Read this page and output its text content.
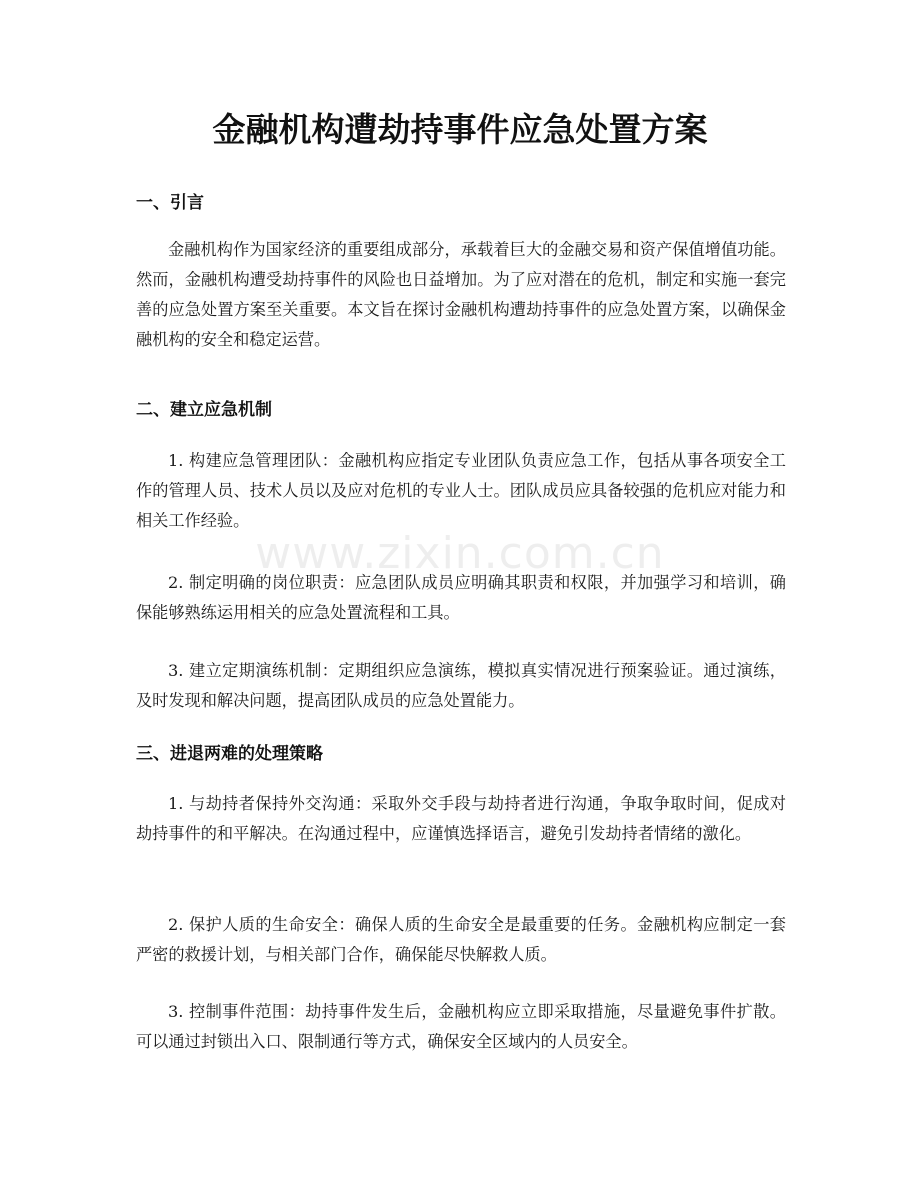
金融机构遭劫持事件应急处置方案
一、引言

金融机构作为国家经济的重要组成部分，承载着巨大的金融交易和资产保值增值功能。然而，金融机构遭受劫持事件的风险也日益增加。为了应对潜在的危机，制定和实施一套完善的应急处置方案至关重要。本文旨在探讨金融机构遭劫持事件的应急处置方案，以确保金融机构的安全和稳定运营。

二、建立应急机制

1. 构建应急管理团队：金融机构应指定专业团队负责应急工作，包括从事各项安全工作的管理人员、技术人员以及应对危机的专业人士。团队成员应具备较强的危机应对能力和相关工作经验。

2. 制定明确的岗位职责：应急团队成员应明确其职责和权限，并加强学习和培训，确保能够熟练运用相关的应急处置流程和工具。

3. 建立定期演练机制：定期组织应急演练，模拟真实情况进行预案验证。通过演练，及时发现和解决问题，提高团队成员的应急处置能力。

三、进退两难的处理策略

1. 与劫持者保持外交沟通：采取外交手段与劫持者进行沟通，争取争取时间，促成对劫持事件的和平解决。在沟通过程中，应谨慎选择语言，避免引发劫持者情绪的激化。

2. 保护人质的生命安全：确保人质的生命安全是最重要的任务。金融机构应制定一套严密的救援计划，与相关部门合作，确保能尽快解救人质。

3. 控制事件范围：劫持事件发生后，金融机构应立即采取措施，尽量避免事件扩散。可以通过封锁出入口、限制通行等方式，确保安全区域内的人员安全。

www.zixin.com.cn
